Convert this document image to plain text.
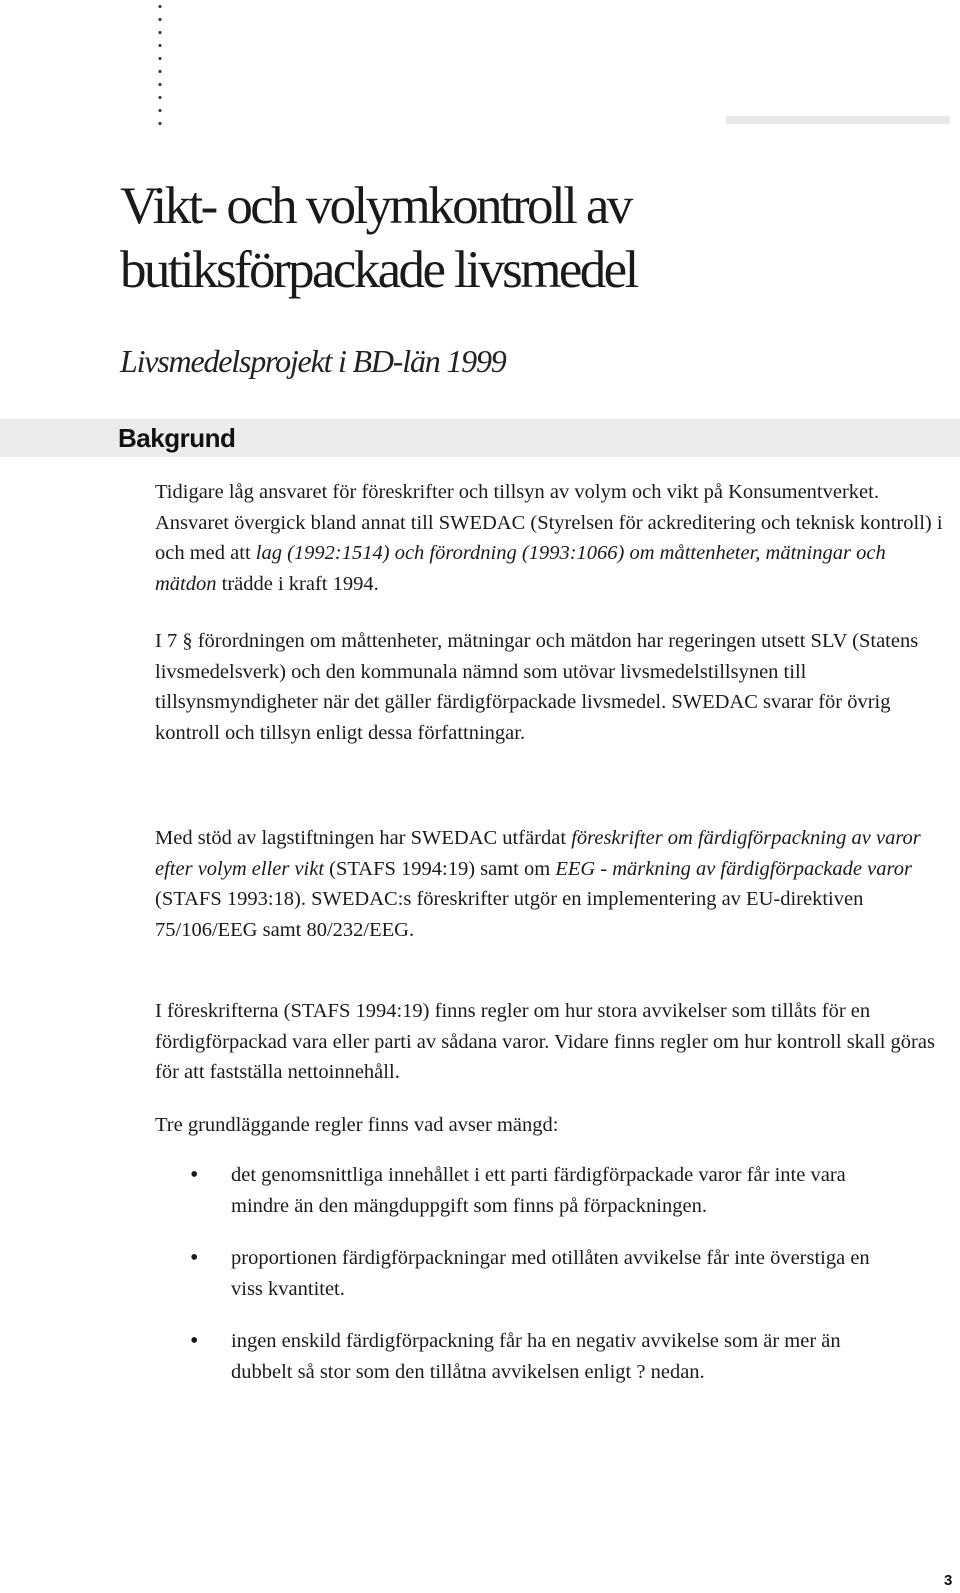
Vikt- och volymkontroll av butiksförpackade livsmedel
Livsmedelsprojekt i BD-län 1999
Bakgrund

Tidigare låg ansvaret för föreskrifter och tillsyn av volym och vikt på Konsumentverket. Ansvaret övergick bland annat till SWEDAC (Styrelsen för ackreditering och teknisk kontroll) i och med att lag (1992:1514) och förordning (1993:1066) om måttenheter, mätningar och mätdon trädde i kraft 1994.

I 7 § förordningen om måttenheter, mätningar och mätdon har regeringen utsett SLV (Statens livsmedelsverk) och den kommunala nämnd som utövar livsmedelstillsynen till tillsynsmyndigheter när det gäller färdigförpackade livsmedel. SWEDAC svarar för övrig kontroll och tillsyn enligt dessa författningar.

Med stöd av lagstiftningen har SWEDAC utfärdat föreskrifter om färdigförpackning av varor efter volym eller vikt (STAFS 1994:19) samt om EEG - märkning av färdigförpackade varor (STAFS 1993:18). SWEDAC:s föreskrifter utgör en implementering av EU-direktiven 75/106/EEG samt 80/232/EEG.

I föreskrifterna (STAFS 1994:19) finns regler om hur stora avvikelser som tillåts för en fördigförpackad vara eller parti av sådana varor. Vidare finns regler om hur kontroll skall göras för att fastställa nettoinnehåll.

Tre grundläggande regler finns vad avser mängd:

• det genomsnittliga innehållet i ett parti färdigförpackade varor får inte vara mindre än den mängduppgift som finns på förpackningen.
• proportionen färdigförpackningar med otillåten avvikelse får inte överstiga en viss kvantitet.
• ingen enskild färdigförpackning får ha en negativ avvikelse som är mer än dubbelt så stor som den tillåtna avvikelsen enligt ? nedan.
3
